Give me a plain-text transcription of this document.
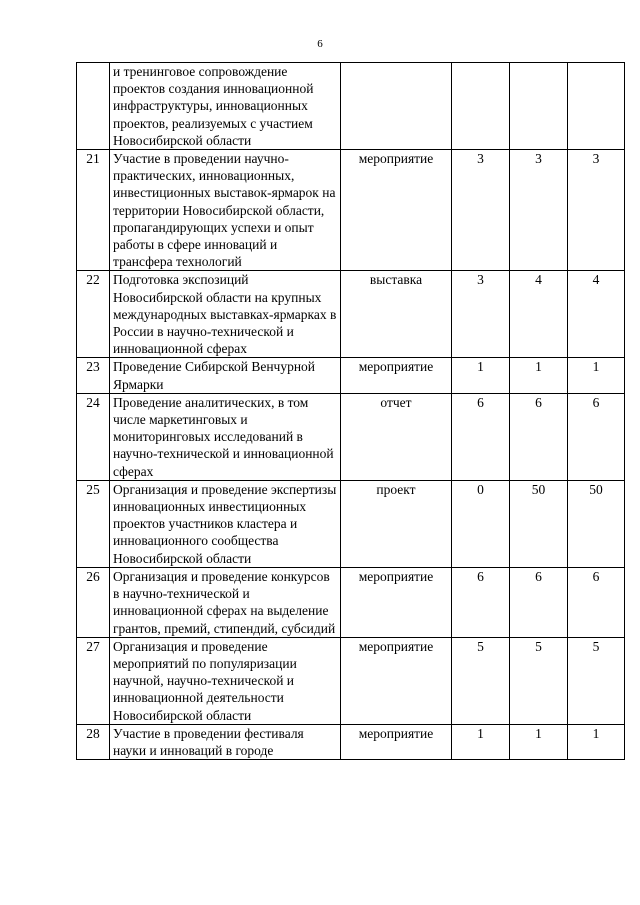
6
	и тренинговое сопровождение проектов создания инновационной инфраструктуры, инновационных проектов, реализуемых с участием Новосибирской области				
21	Участие в проведении научно-практических, инновационных, инвестиционных выставок-ярмарок на территории Новосибирской области, пропагандирующих успехи и опыт работы в сфере инноваций и трансфера технологий	мероприятие	3	3	3
22	Подготовка экспозиций Новосибирской области на крупных международных выставках-ярмарках в России в научно-технической и инновационной сферах	выставка	3	4	4
23	Проведение Сибирской Венчурной Ярмарки	мероприятие	1	1	1
24	Проведение аналитических, в том числе маркетинговых и мониторинговых исследований в научно-технической и инновационной сферах	отчет	6	6	6
25	Организация и проведение экспертизы инновационных инвестиционных проектов участников кластера и инновационного сообщества Новосибирской области	проект	0	50	50
26	Организация и проведение конкурсов в научно-технической и инновационной сферах на выделение грантов, премий, стипендий, субсидий	мероприятие	6	6	6
27	Организация и проведение мероприятий по популяризации научной, научно-технической и инновационной деятельности Новосибирской области	мероприятие	5	5	5
28	Участие в проведении фестиваля науки и инноваций в городе	мероприятие	1	1	1
